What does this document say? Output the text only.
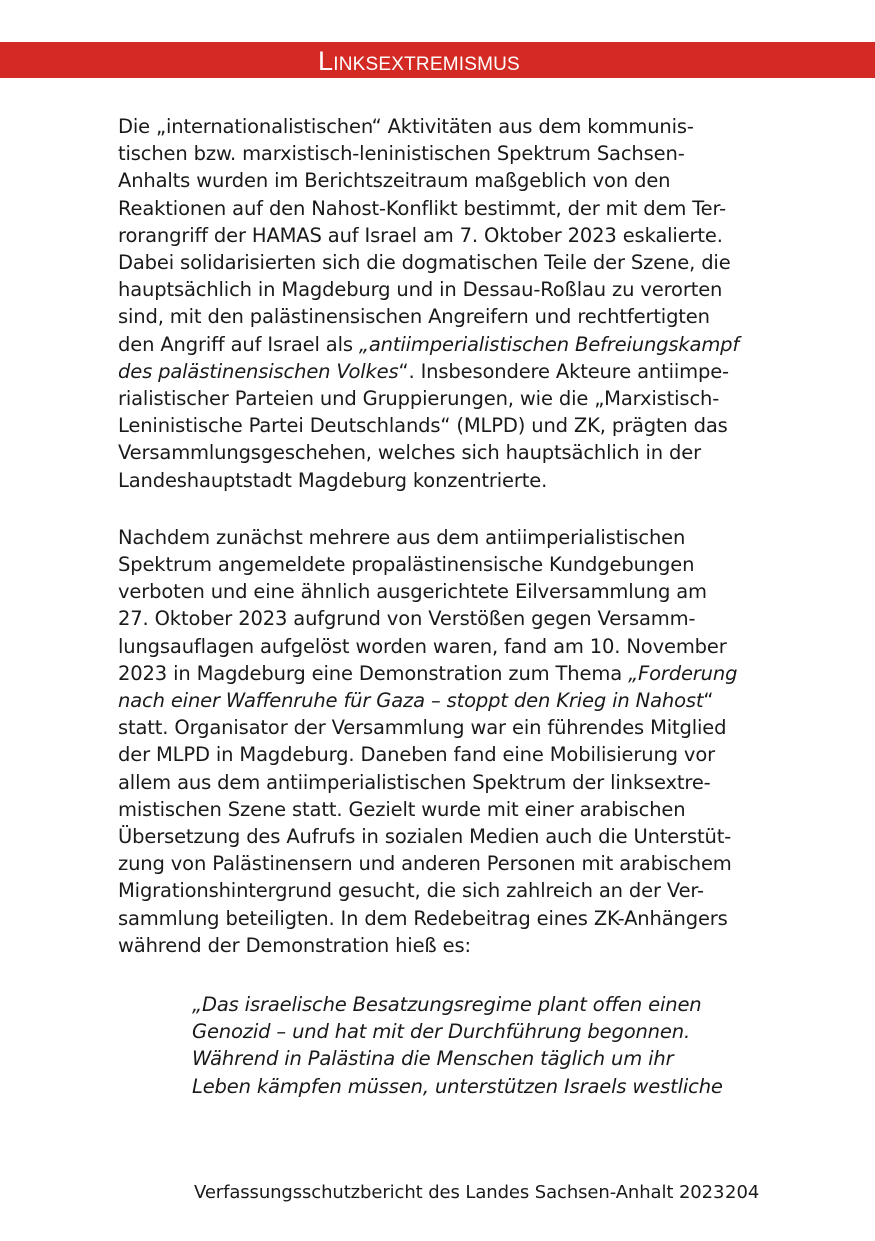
Linksextremismus

Die „internationalistischen“ Aktivitäten aus dem kommunis-
tischen bzw. marxistisch-leninistischen Spektrum Sachsen-
Anhalts wurden im Berichtszeitraum maßgeblich von den
Reaktionen auf den Nahost-Konflikt bestimmt, der mit dem Ter-
rorangriff der HAMAS auf Israel am 7. Oktober 2023 eskalierte.
Dabei solidarisierten sich die dogmatischen Teile der Szene, die
hauptsächlich in Magdeburg und in Dessau-Roßlau zu verorten
sind, mit den palästinensischen Angreifern und rechtfertigten
den Angriff auf Israel als „antiimperialistischen Befreiungskampf
des palästinensischen Volkes“. Insbesondere Akteure antiimpe-
rialistischer Parteien und Gruppierungen, wie die „Marxistisch-
Leninistische Partei Deutschlands“ (MLPD) und ZK, prägten das
Versammlungsgeschehen, welches sich hauptsächlich in der
Landeshauptstadt Magdeburg konzentrierte.

Nachdem zunächst mehrere aus dem antiimperialistischen
Spektrum angemeldete propalästinensische Kundgebungen
verboten und eine ähnlich ausgerichtete Eilversammlung am
27. Oktober 2023 aufgrund von Verstößen gegen Versamm-
lungsauflagen aufgelöst worden waren, fand am 10. November
2023 in Magdeburg eine Demonstration zum Thema „Forderung
nach einer Waffenruhe für Gaza – stoppt den Krieg in Nahost“
statt. Organisator der Versammlung war ein führendes Mitglied
der MLPD in Magdeburg. Daneben fand eine Mobilisierung vor
allem aus dem antiimperialistischen Spektrum der linksextre-
mistischen Szene statt. Gezielt wurde mit einer arabischen
Übersetzung des Aufrufs in sozialen Medien auch die Unterstüt-
zung von Palästinensern und anderen Personen mit arabischem
Migrationshintergrund gesucht, die sich zahlreich an der Ver-
sammlung beteiligten. In dem Redebeitrag eines ZK-Anhängers
während der Demonstration hieß es:

„Das israelische Besatzungsregime plant offen einen
Genozid – und hat mit der Durchführung begonnen.
Während in Palästina die Menschen täglich um ihr
Leben kämpfen müssen, unterstützen Israels westliche
Verfassungsschutzbericht des Landes Sachsen-Anhalt 2023 204
